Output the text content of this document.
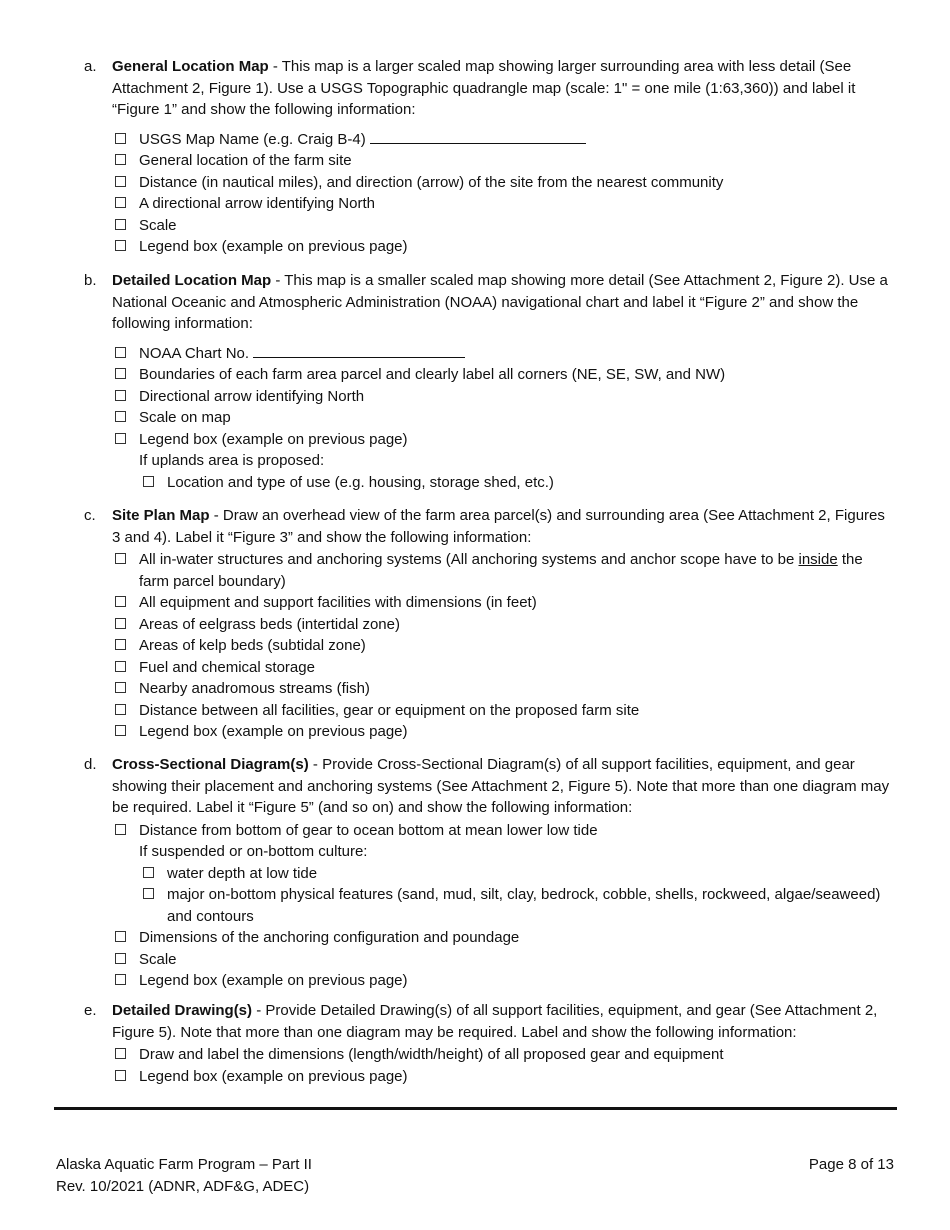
a.	General Location Map - This map is a larger scaled map showing larger surrounding area with less detail (See Attachment 2, Figure 1). Use a USGS Topographic quadrangle map (scale: 1" = one mile (1:63,360)) and label it “Figure 1” and show the following information:
USGS Map Name (e.g. Craig B-4)
General location of the farm site
Distance (in nautical miles), and direction (arrow) of the site from the nearest community
A directional arrow identifying North
Scale
Legend box (example on previous page)
b.	Detailed Location Map - This map is a smaller scaled map showing more detail (See Attachment 2, Figure 2). Use a National Oceanic and Atmospheric Administration (NOAA) navigational chart and label it “Figure 2” and show the following information:
NOAA Chart No.
Boundaries of each farm area parcel and clearly label all corners (NE, SE, SW, and NW)
Directional arrow identifying North
Scale on map
Legend box (example on previous page)
If uplands area is proposed:
Location and type of use (e.g. housing, storage shed, etc.)
c.	Site Plan Map - Draw an overhead view of the farm area parcel(s) and surrounding area (See Attachment 2, Figures 3 and 4). Label it “Figure 3” and show the following information:
All in-water structures and anchoring systems (All anchoring systems and anchor scope have to be inside the farm parcel boundary)
All equipment and support facilities with dimensions (in feet)
Areas of eelgrass beds (intertidal zone)
Areas of kelp beds (subtidal zone)
Fuel and chemical storage
Nearby anadromous streams (fish)
Distance between all facilities, gear or equipment on the proposed farm site
Legend box (example on previous page)
d.	Cross-Sectional Diagram(s) - Provide Cross-Sectional Diagram(s) of all support facilities, equipment, and gear showing their placement and anchoring systems (See Attachment 2, Figure 5). Note that more than one diagram may be required. Label it “Figure 5” (and so on) and show the following information:
Distance from bottom of gear to ocean bottom at mean lower low tide
If suspended or on-bottom culture:
water depth at low tide
major on-bottom physical features (sand, mud, silt, clay, bedrock, cobble, shells, rockweed, algae/seaweed) and contours
Dimensions of the anchoring configuration and poundage
Scale
Legend box (example on previous page)
e.	Detailed Drawing(s) - Provide Detailed Drawing(s) of all support facilities, equipment, and gear (See Attachment 2, Figure 5). Note that more than one diagram may be required. Label and show the following information:
Draw and label the dimensions (length/width/height) of all proposed gear and equipment
Legend box (example on previous page)
Alaska Aquatic Farm Program – Part II
Rev. 10/2021 (ADNR, ADF&G, ADEC)
Page 8 of 13
